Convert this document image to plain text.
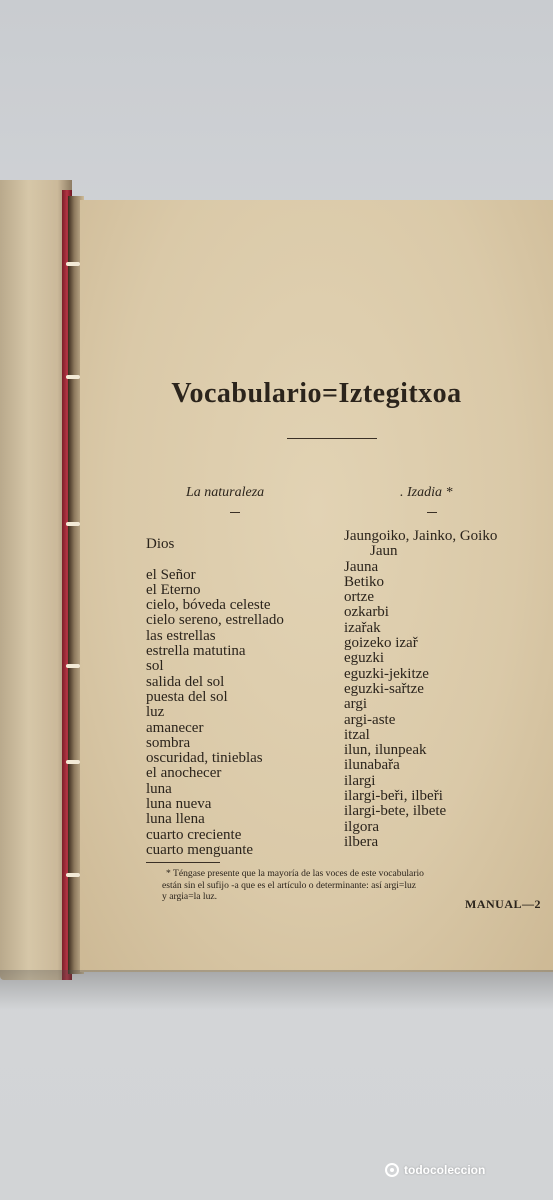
Vocabulario=Iztegitxoa
La naturaleza	. Izadia *
Dios
el Señor
el Eterno
cielo, bóveda celeste
cielo sereno, estrellado
las estrellas
estrella matutina
sol
salida del sol
puesta del sol
luz
amanecer
sombra
oscuridad, tinieblas
el anochecer
luna
luna nueva
luna llena
cuarto creciente
cuarto menguante
Jaungoiko, Jainko, Goiko
Jaun
Jauna
Betiko
ortze
ozkarbi
izařak
goizeko izař
eguzki
eguzki-jekitze
eguzki-sařtze
argi
argi-aste
itzal
ilun, ilunpeak
ilunabařa
ilargi
ilargi-beři, ilbeři
ilargi-bete, ilbete
ilgora
ilbera
* Téngase presente que la mayoría de las voces de este vocabulario
están sin el sufijo -a que es el artículo o determinante: así argi=luz
y argia=la luz.
MANUAL—2
todocoleccion
